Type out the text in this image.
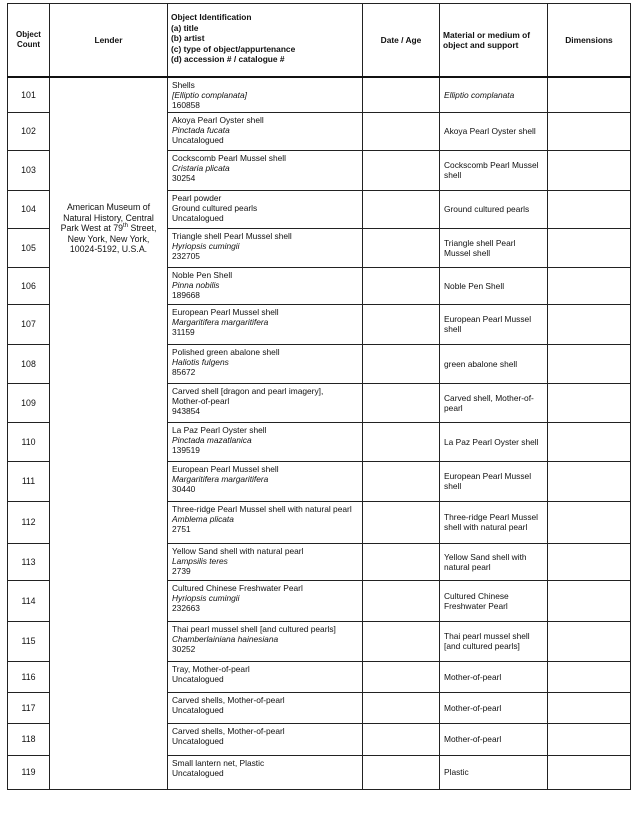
Object Count	Lender	Object Identification
(a) title
(b) artist
(c) type of object/appurtenance
(d) accession # / catalogue #	Date / Age	Material or medium of object and support	Dimensions
101	American Museum of Natural History, Central Park West at 79th Street, New York, New York, 10024-5192, U.S.A.	Shells
[Elliptio complanata]
160858		Elliptio complanata	
102		Akoya Pearl Oyster shell
Pinctada fucata
Uncatalogued		Akoya Pearl Oyster shell	
103		Cockscomb Pearl Mussel shell
Cristaria plicata
30254		Cockscomb Pearl Mussel shell	
104		Pearl powder
Ground cultured pearls
Uncatalogued		Ground cultured pearls	
105		Triangle shell Pearl Mussel shell
Hyriopsis cumingii
232705		Triangle shell Pearl Mussel shell	
106		Noble Pen Shell
Pinna nobilis
189668		Noble Pen Shell	
107		European Pearl Mussel shell
Margaritifera margaritifera
31159		European Pearl Mussel shell	
108		Polished green abalone shell
Haliotis fulgens
85672		green abalone shell	
109		Carved shell [dragon and pearl imagery],
Mother-of-pearl
943854		Carved shell, Mother-of-pearl	
110		La Paz Pearl Oyster shell
Pinctada mazatlanica
139519		La Paz Pearl Oyster shell	
111		European Pearl Mussel shell
Margaritifera margaritifera
30440		European Pearl Mussel shell	
112		Three-ridge Pearl Mussel shell with natural pearl
Amblema plicata
2751		Three-ridge Pearl Mussel shell with natural pearl	
113		Yellow Sand shell with natural pearl
Lampsilis teres
2739		Yellow Sand shell with natural pearl	
114		Cultured Chinese Freshwater Pearl
Hyriopsis cumingii
232663		Cultured Chinese Freshwater Pearl	
115		Thai pearl mussel shell [and cultured pearls]
Chamberlainiana hainesiana
30252		Thai pearl mussel shell [and cultured pearls]	
116		Tray, Mother-of-pearl
Uncatalogued		Mother-of-pearl	
117		Carved shells, Mother-of-pearl
Uncatalogued		Mother-of-pearl	
118		Carved shells, Mother-of-pearl
Uncatalogued		Mother-of-pearl	
119		Small lantern net, Plastic
Uncatalogued		Plastic	
